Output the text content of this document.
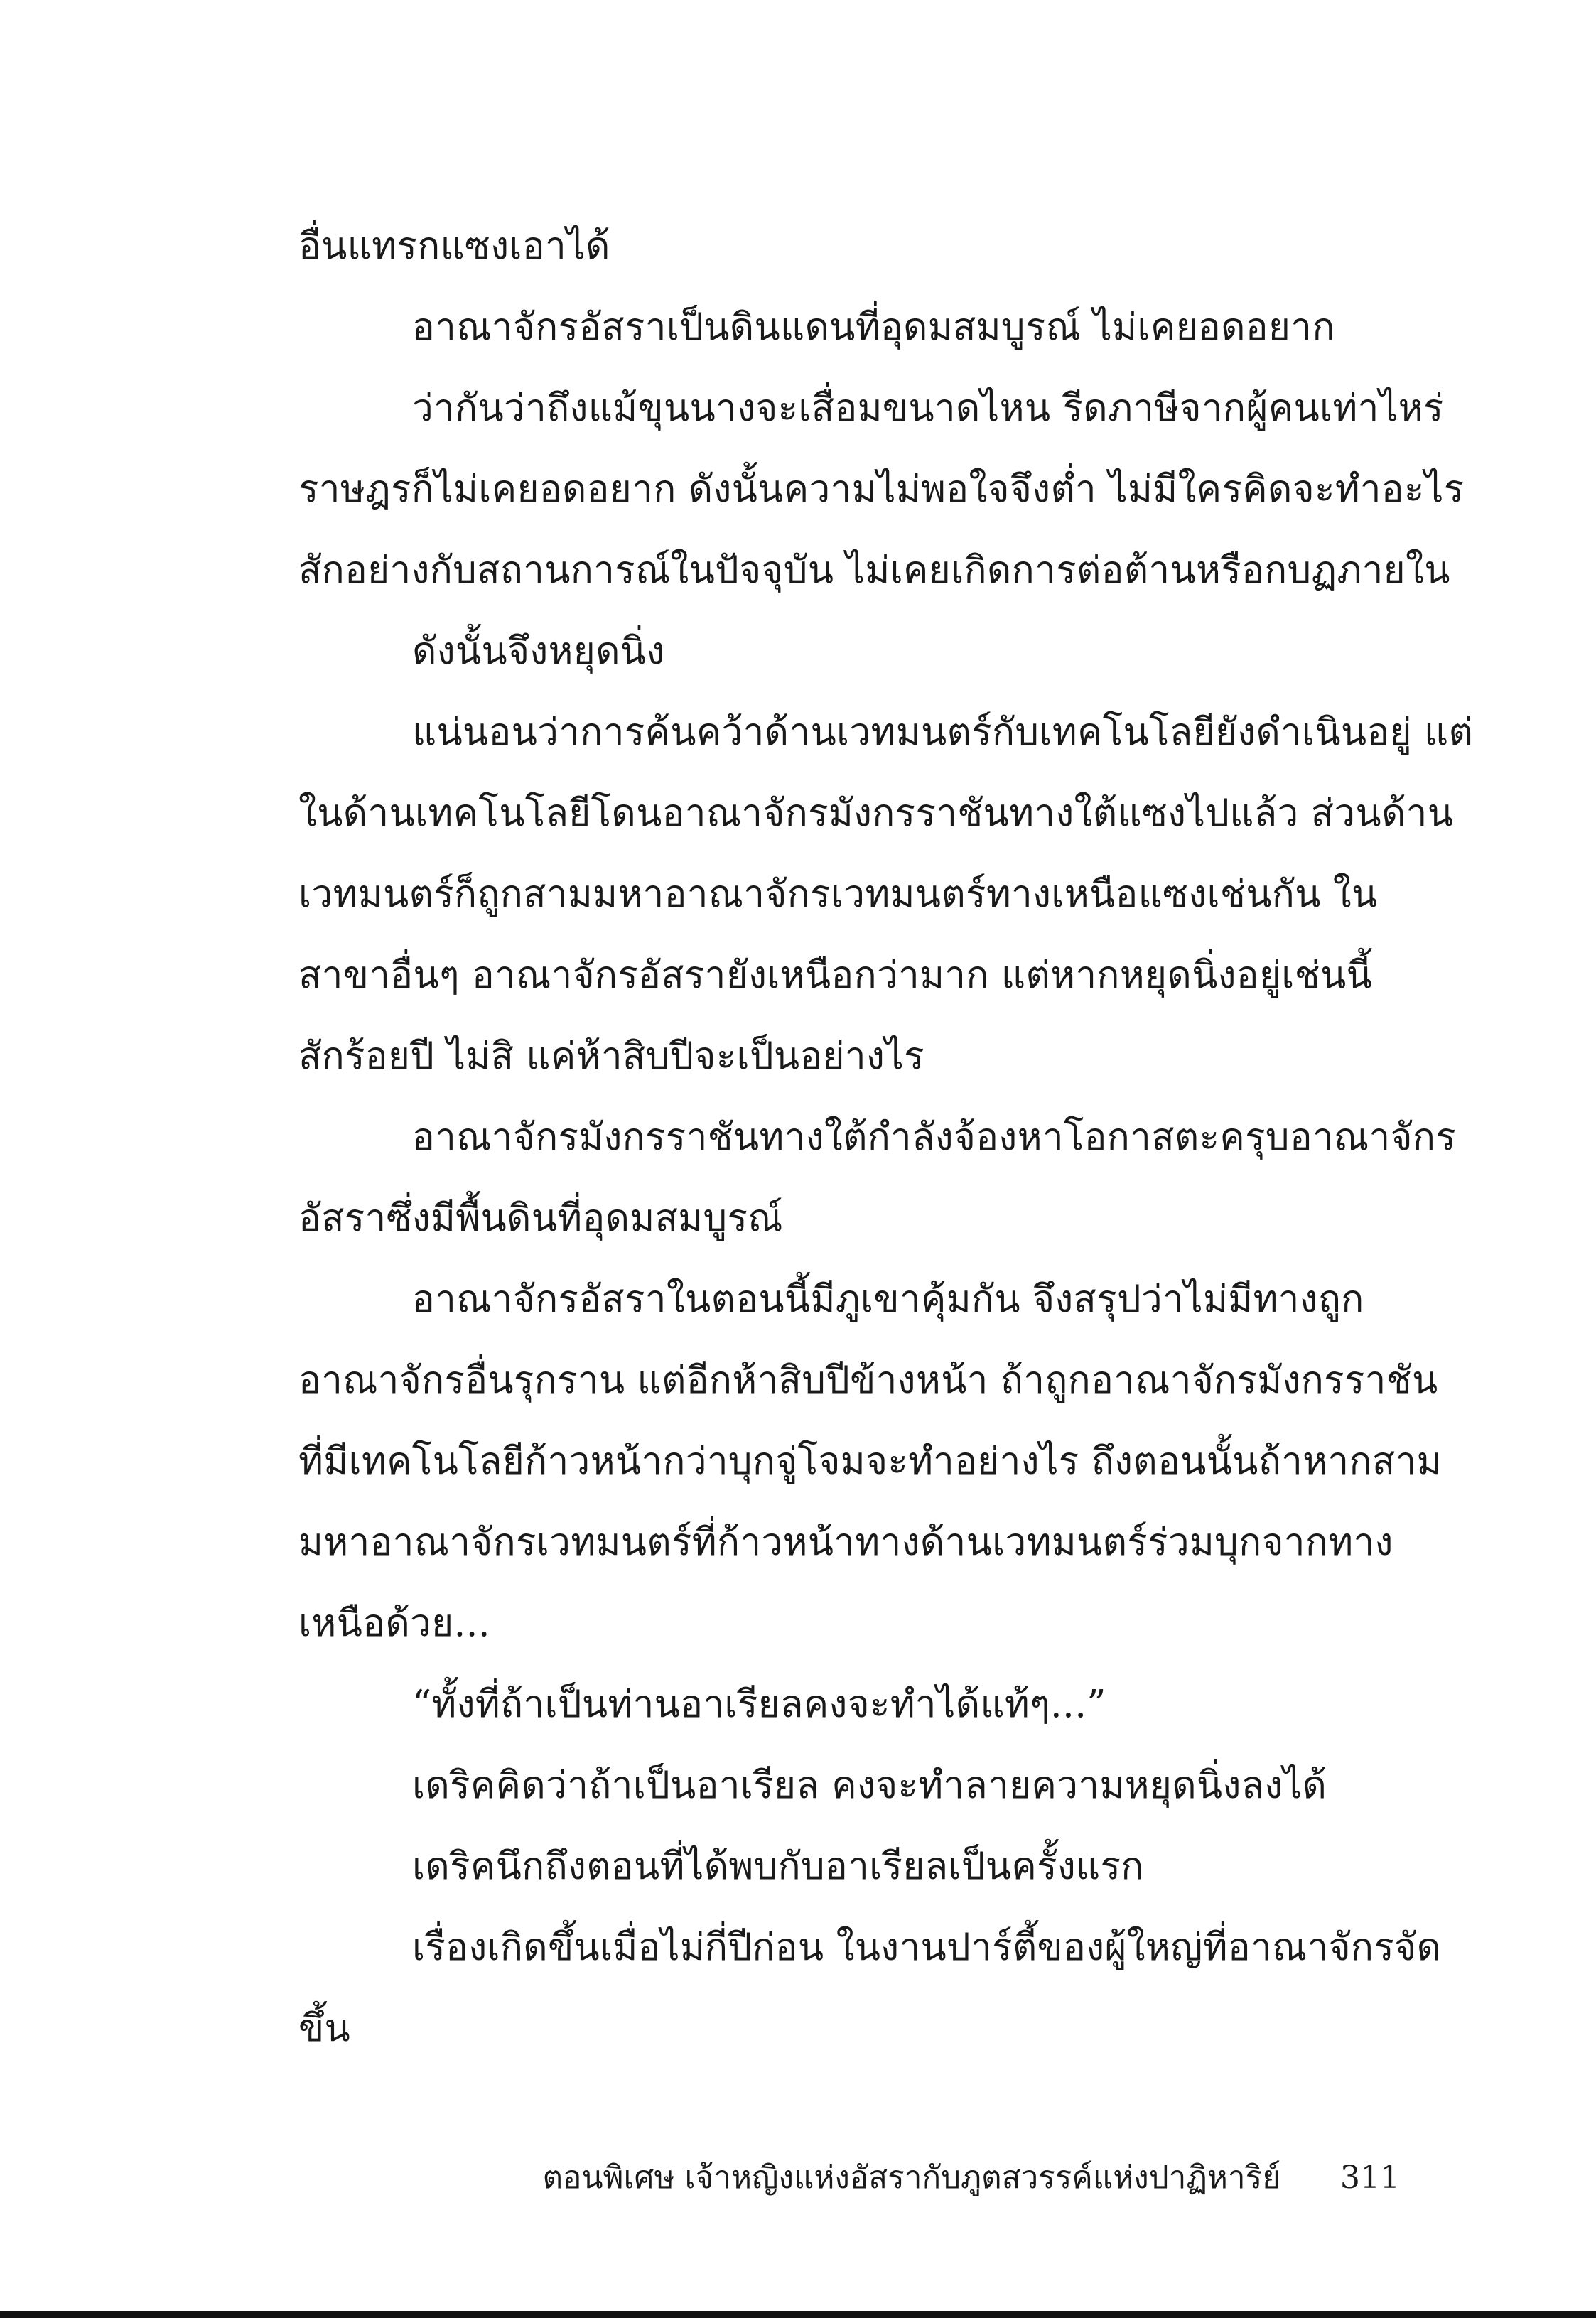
อื่นแทรกแซงเอาได้
อาณาจักรอัสราเป็นดินแดนที่อุดมสมบูรณ์ ไม่เคยอดอยาก
ว่ากันว่าถึงแม้ขุนนางจะเสื่อมขนาดไหน รีดภาษีจากผู้คนเท่าไหร่
ราษฎรก็ไม่เคยอดอยาก ดังนั้นความไม่พอใจจึงต่ำ ไม่มีใครคิดจะทำอะไร
สักอย่างกับสถานการณ์ในปัจจุบัน ไม่เคยเกิดการต่อต้านหรือกบฏภายใน
ดังนั้นจึงหยุดนิ่ง
แน่นอนว่าการค้นคว้าด้านเวทมนตร์กับเทคโนโลยียังดำเนินอยู่ แต่
ในด้านเทคโนโลยีโดนอาณาจักรมังกรราชันทางใต้แซงไปแล้ว ส่วนด้าน
เวทมนตร์ก็ถูกสามมหาอาณาจักรเวทมนตร์ทางเหนือแซงเช่นกัน ใน
สาขาอื่นๆ อาณาจักรอัสรายังเหนือกว่ามาก แต่หากหยุดนิ่งอยู่เช่นนี้
สักร้อยปี ไม่สิ แค่ห้าสิบปีจะเป็นอย่างไร
อาณาจักรมังกรราชันทางใต้กำลังจ้องหาโอกาสตะครุบอาณาจักร
อัสราซึ่งมีพื้นดินที่อุดมสมบูรณ์
อาณาจักรอัสราในตอนนี้มีภูเขาคุ้มกัน จึงสรุปว่าไม่มีทางถูก
อาณาจักรอื่นรุกราน แต่อีกห้าสิบปีข้างหน้า ถ้าถูกอาณาจักรมังกรราชัน
ที่มีเทคโนโลยีก้าวหน้ากว่าบุกจู่โจมจะทำอย่างไร ถึงตอนนั้นถ้าหากสาม
มหาอาณาจักรเวทมนตร์ที่ก้าวหน้าทางด้านเวทมนตร์ร่วมบุกจากทาง
เหนือด้วย...
“ทั้งที่ถ้าเป็นท่านอาเรียลคงจะทำได้แท้ๆ...”
เดริคคิดว่าถ้าเป็นอาเรียล คงจะทำลายความหยุดนิ่งลงได้
เดริคนึกถึงตอนที่ได้พบกับอาเรียลเป็นครั้งแรก
เรื่องเกิดขึ้นเมื่อไม่กี่ปีก่อน ในงานปาร์ตี้ของผู้ใหญ่ที่อาณาจักรจัด
ขึ้น
ตอนพิเศษ เจ้าหญิงแห่งอัสรากับภูตสวรรค์แห่งปาฏิหาริย์ 311
